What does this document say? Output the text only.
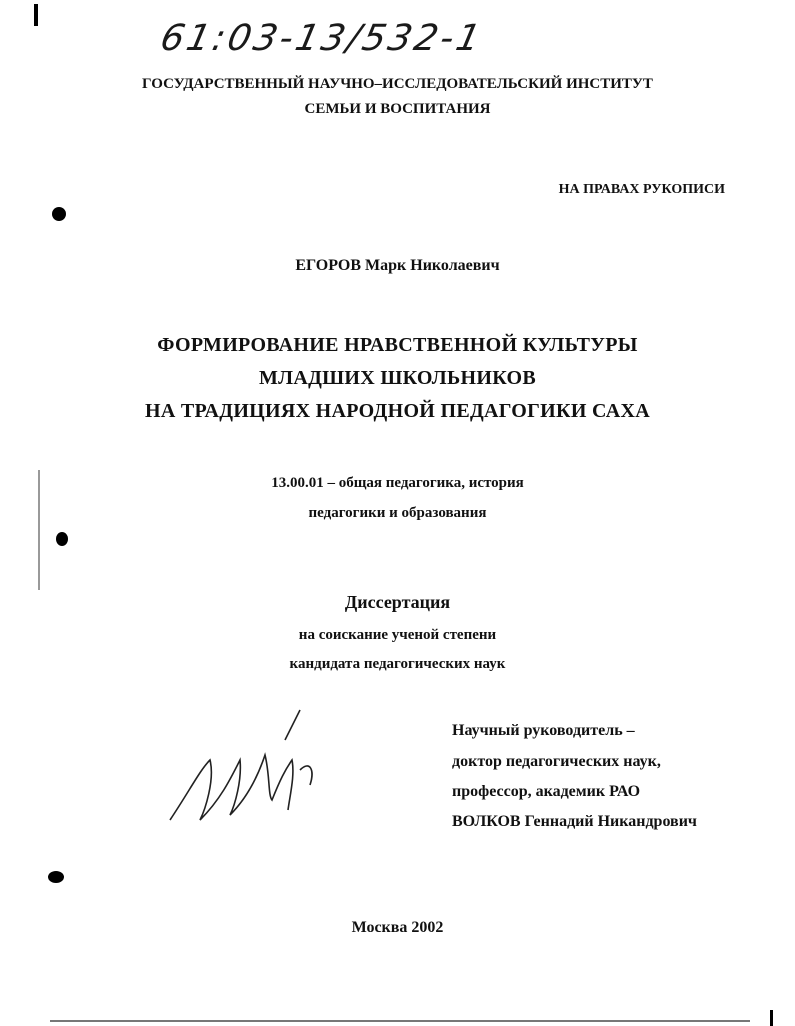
61:03-13/532-1
ГОСУДАРСТВЕННЫЙ НАУЧНО–ИССЛЕДОВАТЕЛЬСКИЙ ИНСТИТУТ
СЕМЬИ И ВОСПИТАНИЯ
НА ПРАВАХ РУКОПИСИ
ЕГОРОВ Марк Николаевич
ФОРМИРОВАНИЕ НРАВСТВЕННОЙ КУЛЬТУРЫ
МЛАДШИХ ШКОЛЬНИКОВ
НА ТРАДИЦИЯХ НАРОДНОЙ ПЕДАГОГИКИ САХА
13.00.01 – общая педагогика, история
педагогики и образования
Диссертация
на соискание ученой степени
кандидата педагогических наук
Научный руководитель –
доктор педагогических наук,
профессор, академик РАО
ВОЛКОВ Геннадий Никандрович
Москва 2002
